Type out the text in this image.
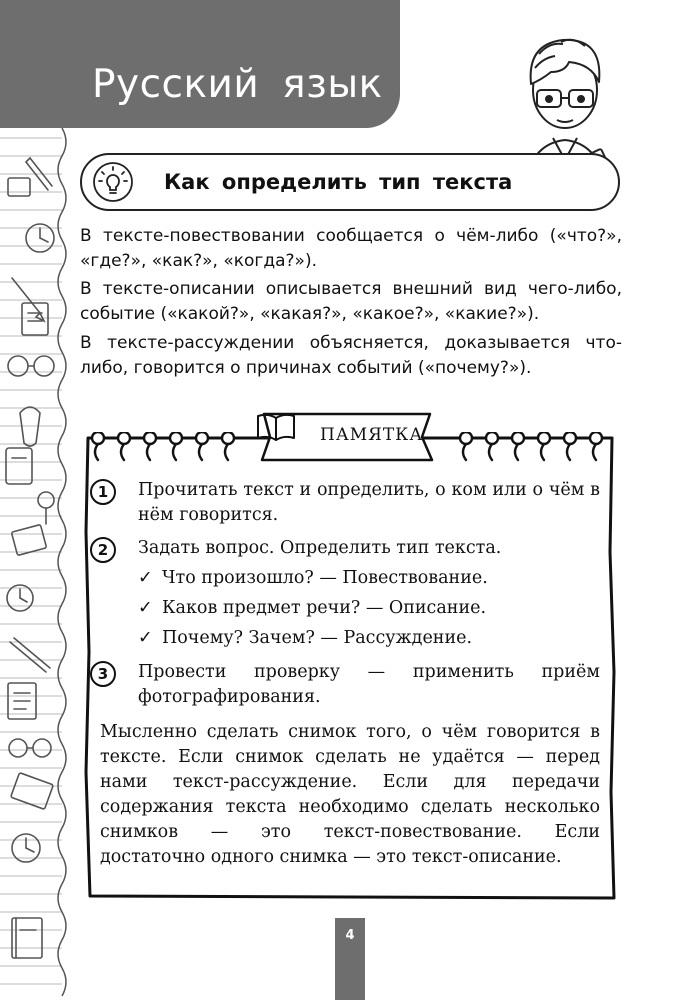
Русский язык
Как определить тип текста
В тексте-повествовании сообщается о чём-либо («что?», «где?», «как?», «когда?»).
В тексте-описании описывается внешний вид чего-либо, событие («какой?», «какая?», «какое?», «какие?»).
В тексте-рассуждении объясняется, доказывается что-либо, говорится о причинах событий («почему?»).
ПАМЯТКА
1	Прочитать текст и определить, о ком или о чём в нём говорится.
2	Задать вопрос. Определить тип текста.
✓ Что произошло? — Повествование.
✓ Каков предмет речи? — Описание.
✓ Почему? Зачем? — Рассуждение.
3	Провести проверку — применить приём фотографирования.
Мысленно сделать снимок того, о чём говорится в тексте. Если снимок сделать не удаётся — перед нами текст-рассуждение. Если для передачи содержания текста необходимо сделать несколько снимков — это текст-повествование. Если достаточно одного снимка — это текст-описание.
4
